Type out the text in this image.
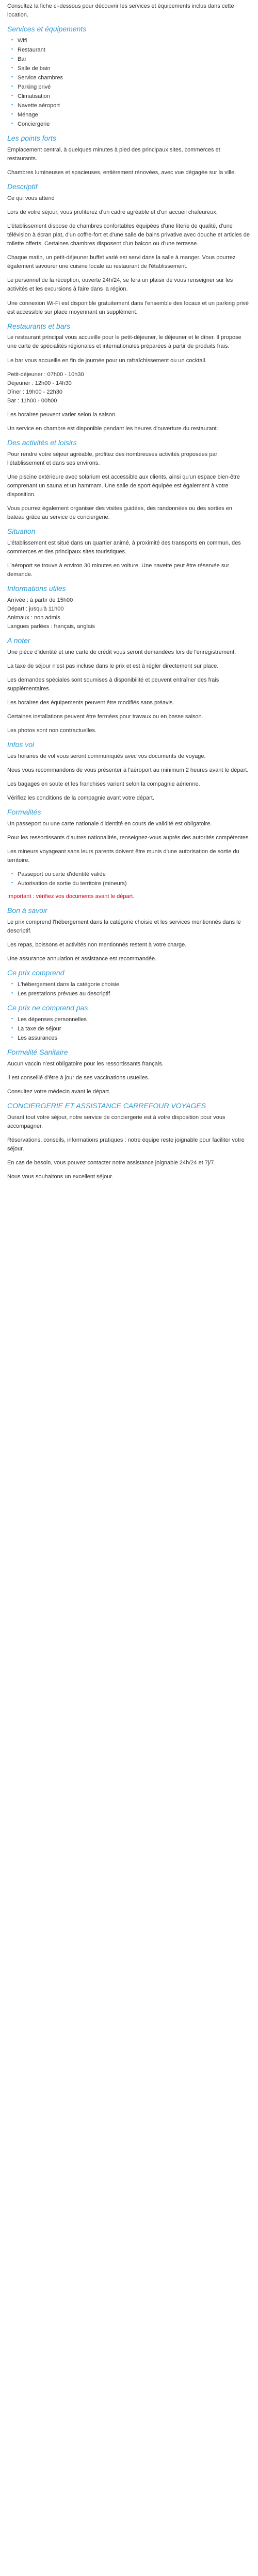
Consultez la fiche ci-dessous pour découvrir les services et équipements inclus dans cette location.

Services et équipements
▪ Wifi
▪ Restaurant
▪ Bar
▪ Salle de bain
▪ Service chambres
▪ Parking privé
▪ Climatisation
▪ Navette aéroport
▪ Ménage
▪ Conciergerie
Les points forts

Emplacement central, à quelques minutes à pied des principaux sites, commerces et restaurants.

Chambres lumineuses et spacieuses, entièrement rénovées, avec vue dégagée sur la ville.

Descriptif

Ce qui vous attend

Lors de votre séjour, vous profiterez d'un cadre agréable et d'un accueil chaleureux.

L'établissement dispose de chambres confortables équipées d'une literie de qualité, d'une télévision à écran plat, d'un coffre-fort et d'une salle de bains privative avec douche et articles de toilette offerts. Certaines chambres disposent d'un balcon ou d'une terrasse.

Chaque matin, un petit-déjeuner buffet varié est servi dans la salle à manger. Vous pourrez également savourer une cuisine locale au restaurant de l'établissement.

Le personnel de la réception, ouverte 24h/24, se fera un plaisir de vous renseigner sur les activités et les excursions à faire dans la région.

Une connexion Wi-Fi est disponible gratuitement dans l'ensemble des locaux et un parking privé est accessible sur place moyennant un supplément.

Restaurants et bars

Le restaurant principal vous accueille pour le petit-déjeuner, le déjeuner et le dîner. Il propose une carte de spécialités régionales et internationales préparées à partir de produits frais.

Le bar vous accueille en fin de journée pour un rafraîchissement ou un cocktail.

Petit-déjeuner : 07h00 - 10h30
Déjeuner : 12h00 - 14h30
Dîner : 19h00 - 22h30
Bar : 11h00 - 00h00

Les horaires peuvent varier selon la saison.

Un service en chambre est disponible pendant les heures d'ouverture du restaurant.

Des activités et loisirs

Pour rendre votre séjour agréable, profitez des nombreuses activités proposées par l'établissement et dans ses environs.

Une piscine extérieure avec solarium est accessible aux clients, ainsi qu'un espace bien-être comprenant un sauna et un hammam. Une salle de sport équipée est également à votre disposition.

Vous pourrez également organiser des visites guidées, des randonnées ou des sorties en bateau grâce au service de conciergerie.

Situation

L'établissement est situé dans un quartier animé, à proximité des transports en commun, des commerces et des principaux sites touristiques.

L'aéroport se trouve à environ 30 minutes en voiture. Une navette peut être réservée sur demande.

Informations utiles

Arrivée : à partir de 15h00
Départ : jusqu'à 11h00
Animaux : non admis
Langues parlées : français, anglais

A noter

Une pièce d'identité et une carte de crédit vous seront demandées lors de l'enregistrement.

La taxe de séjour n'est pas incluse dans le prix et est à régler directement sur place.

Les demandes spéciales sont soumises à disponibilité et peuvent entraîner des frais supplémentaires.

Les horaires des équipements peuvent être modifiés sans préavis.

Certaines installations peuvent être fermées pour travaux ou en basse saison.

Les photos sont non contractuelles.

Infos vol

Les horaires de vol vous seront communiqués avec vos documents de voyage.

Nous vous recommandons de vous présenter à l'aéroport au minimum 2 heures avant le départ.

Les bagages en soute et les franchises varient selon la compagnie aérienne.

Vérifiez les conditions de la compagnie avant votre départ.

Formalités

Un passeport ou une carte nationale d'identité en cours de validité est obligatoire.

Pour les ressortissants d'autres nationalités, renseignez-vous auprès des autorités compétentes.

Les mineurs voyageant sans leurs parents doivent être munis d'une autorisation de sortie du territoire.

▪ Passeport ou carte d'identité valide
▪ Autorisation de sortie du territoire (mineurs)

Important : vérifiez vos documents avant le départ.

Bon à savoir

Le prix comprend l'hébergement dans la catégorie choisie et les services mentionnés dans le descriptif.

Les repas, boissons et activités non mentionnés restent à votre charge.

Une assurance annulation et assistance est recommandée.

Ce prix comprend
▪ L'hébergement dans la catégorie choisie
▪ Les prestations prévues au descriptif
Ce prix ne comprend pas
▪ Les dépenses personnelles
▪ La taxe de séjour
▪ Les assurances
Formalité Sanitaire

Aucun vaccin n'est obligatoire pour les ressortissants français.

Il est conseillé d'être à jour de ses vaccinations usuelles.

Consultez votre médecin avant le départ.

CONCIERGERIE ET ASSISTANCE CARREFOUR VOYAGES

Durant tout votre séjour, notre service de conciergerie est à votre disposition pour vous accompagner.

Réservations, conseils, informations pratiques : notre équipe reste joignable pour faciliter votre séjour.

En cas de besoin, vous pouvez contacter notre assistance joignable 24h/24 et 7j/7.

Nous vous souhaitons un excellent séjour.
